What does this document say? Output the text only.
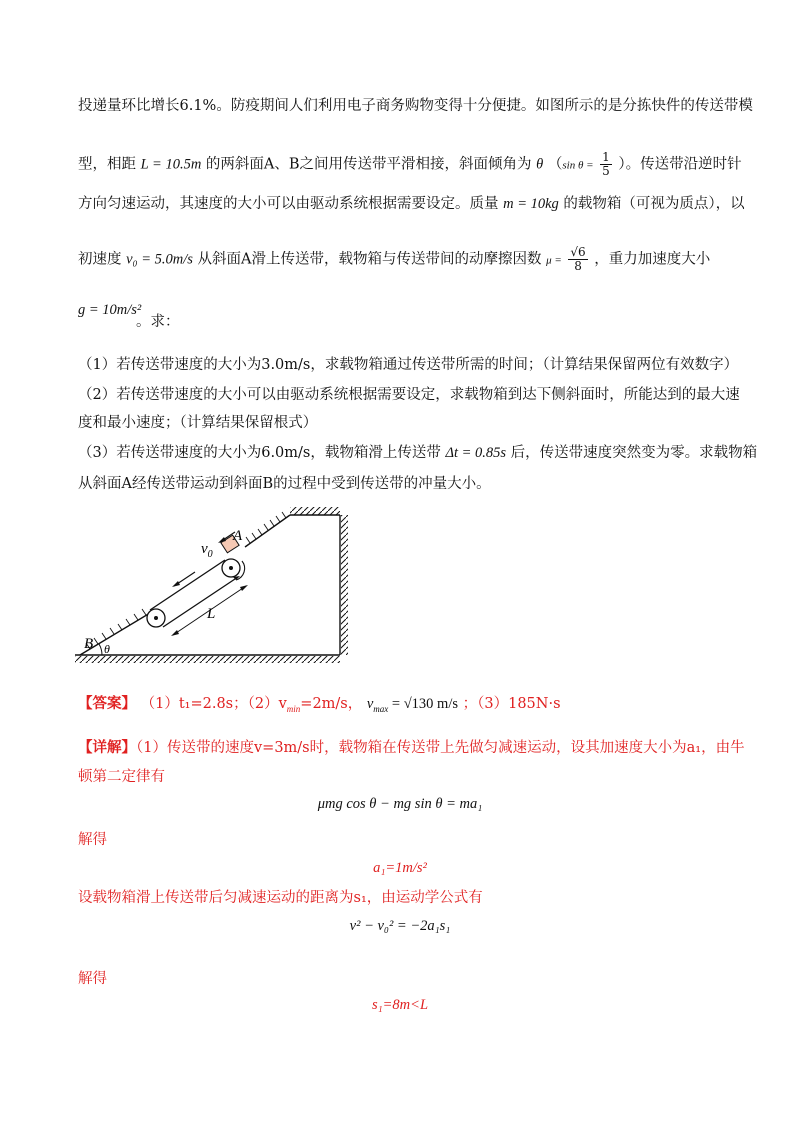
投递量环比增长6.1%。防疫期间人们利用电子商务购物变得十分便捷。如图所示的是分拣快件的传送带模
型，相距 L = 10.5m 的两斜面A、B之间用传送带平滑相接，斜面倾角为 θ （sin $\theta = \frac{1}{5}$ ）。传送带沿逆时针
方向匀速运动，其速度的大小可以由驱动系统根据需要设定。质量 m = 10kg 的载物箱（可视为质点），以
初速度 v₀ = 5.0m/s 从斜面A滑上传送带，载物箱与传送带间的动摩擦因数 $\mu = \frac{√6}{8}$ ，重力加速度大小
g = 10m/s²
。求：
（1）若传送带速度的大小为3.0m/s，求载物箱通过传送带所需的时间；（计算结果保留两位有效数字）
（2）若传送带速度的大小可以由驱动系统根据需要设定，求载物箱到达下侧斜面时，所能达到的最大速
度和最小速度；（计算结果保留根式）
（3）若传送带速度的大小为6.0m/s，载物箱滑上传送带 Δt = 0.85s 后，传送带速度突然变为零。求载物箱
从斜面A经传送带运动到斜面B的过程中受到传送带的冲量大小。
$v_0$
A
L
B θ
【答案】 （1）t₁=2.8s；$(2)v_{min}=2m/s$， $v_{max} = √130$ m/s ；（3）185N·s
【详解】（1）传送带的速度v=3m/s时，载物箱在传送带上先做匀减速运动，设其加速度大小为a₁，由牛
顿第二定律有
μmg cos θ − mg sin θ = ma₁
解得
a₁=1m/s²
设载物箱滑上传送带后匀减速运动的距离为s₁，由运动学公式有
v² − v₀² = −2a₁s₁
解得
s₁=8m<L
